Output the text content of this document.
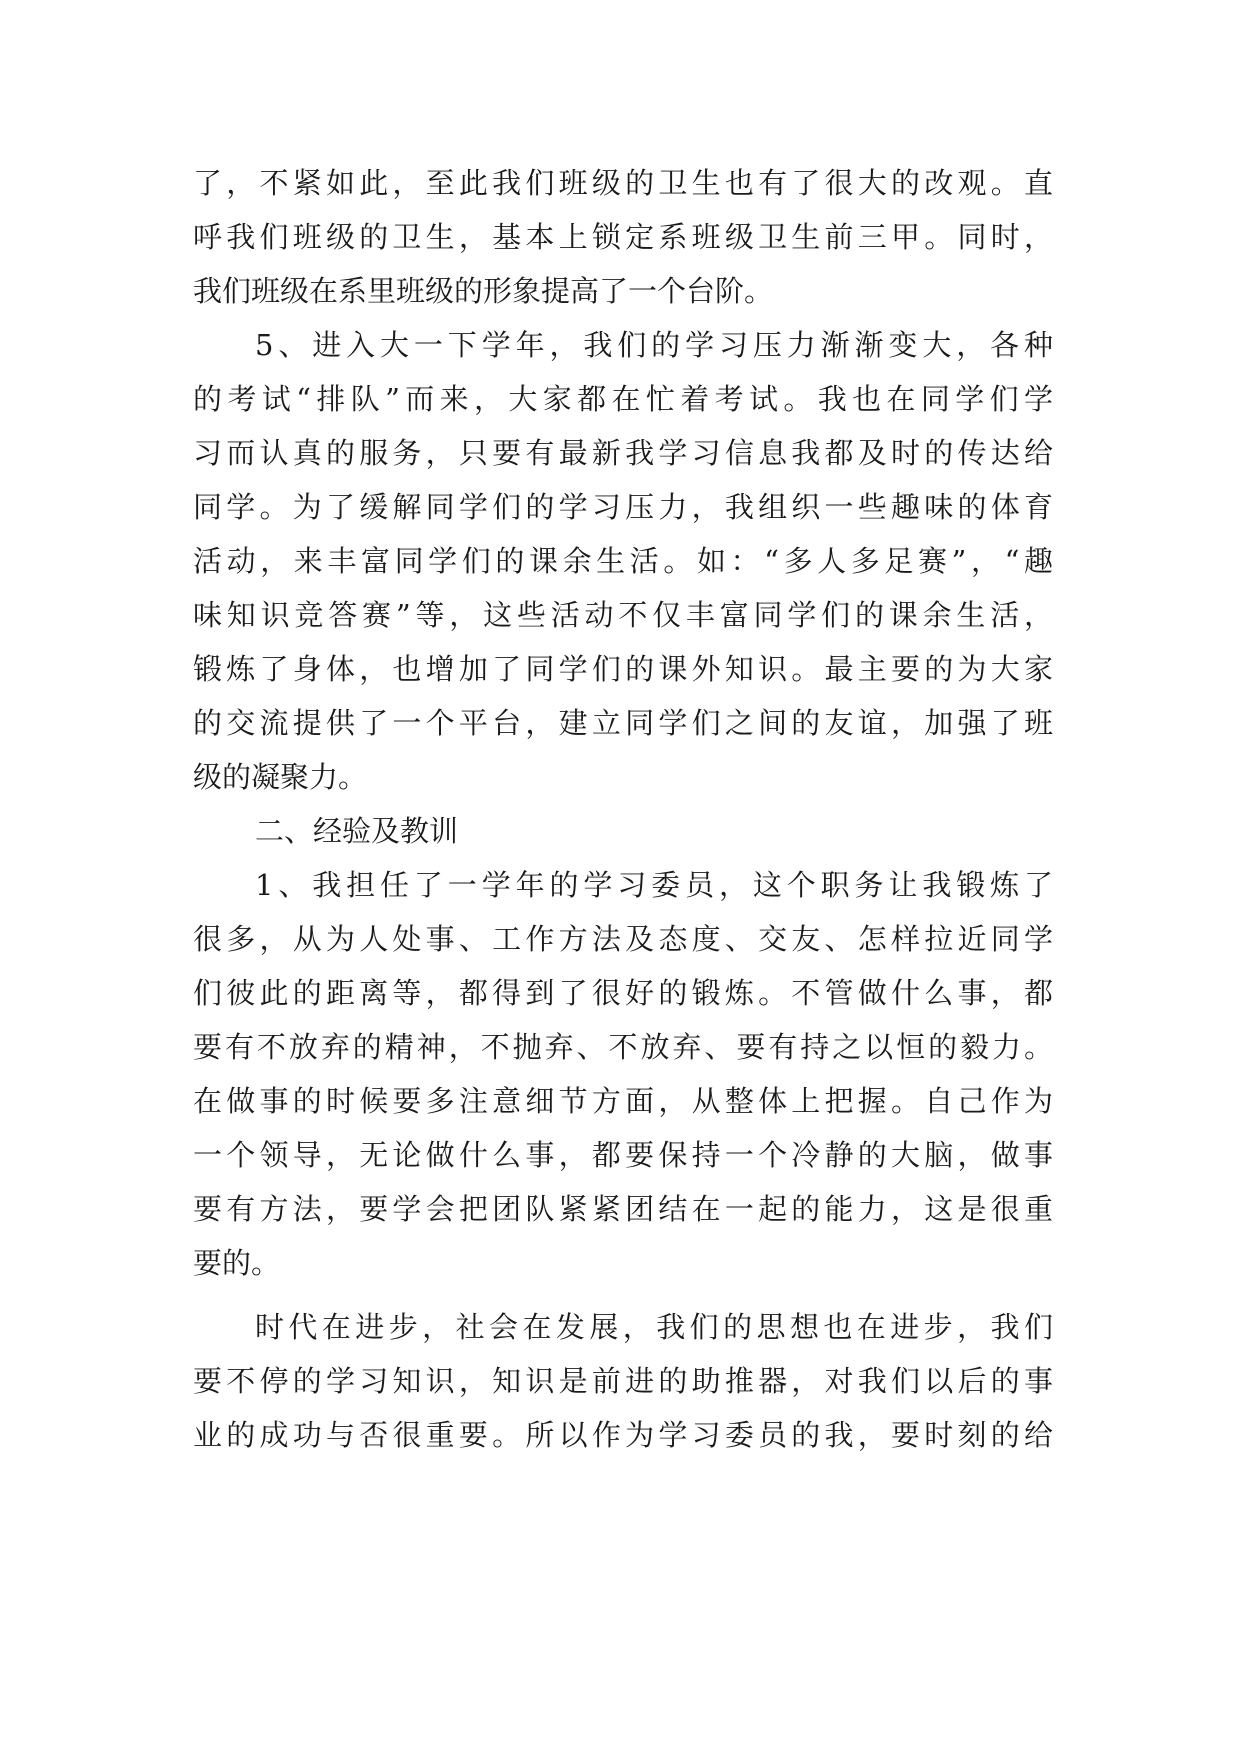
了，不紧如此，至此我们班级的卫生也有了很大的改观。直
呼我们班级的卫生，基本上锁定系班级卫生前三甲。同时，
我们班级在系里班级的形象提高了一个台阶。
5、进入大一下学年，我们的学习压力渐渐变大，各种
的考试“排队”而来，大家都在忙着考试。我也在同学们学
习而认真的服务，只要有最新我学习信息我都及时的传达给
同学。为了缓解同学们的学习压力，我组织一些趣味的体育
活动，来丰富同学们的课余生活。如：“多人多足赛”，“趣
味知识竞答赛”等，这些活动不仅丰富同学们的课余生活，
锻炼了身体，也增加了同学们的课外知识。最主要的为大家
的交流提供了一个平台，建立同学们之间的友谊，加强了班
级的凝聚力。
二、经验及教训
1、我担任了一学年的学习委员，这个职务让我锻炼了
很多，从为人处事、工作方法及态度、交友、怎样拉近同学
们彼此的距离等，都得到了很好的锻炼。不管做什么事，都
要有不放弃的精神，不抛弃、不放弃、要有持之以恒的毅力。
在做事的时候要多注意细节方面，从整体上把握。自己作为
一个领导，无论做什么事，都要保持一个冷静的大脑，做事
要有方法，要学会把团队紧紧团结在一起的能力，这是很重
要的。
时代在进步，社会在发展，我们的思想也在进步，我们
要不停的学习知识，知识是前进的助推器，对我们以后的事
业的成功与否很重要。所以作为学习委员的我，要时刻的给
